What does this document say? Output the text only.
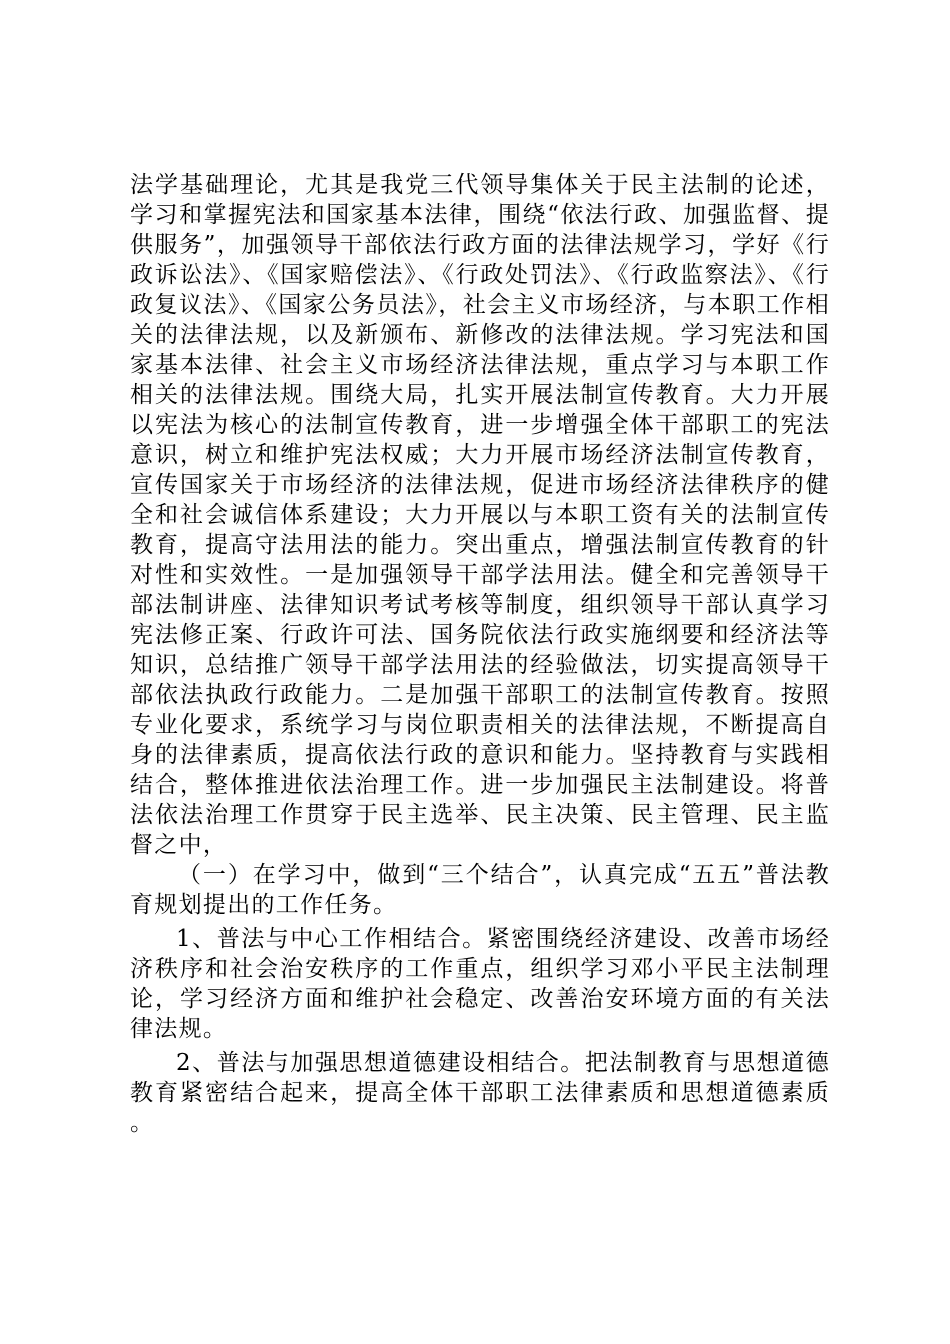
法学基础理论，尤其是我党三代领导集体关于民主法制的论述，学习和掌握宪法和国家基本法律，围绕“依法行政、加强监督、提供服务”，加强领导干部依法行政方面的法律法规学习，学好《行政诉讼法》、《国家赔偿法》、《行政处罚法》、《行政监察法》、《行政复议法》、《国家公务员法》，社会主义市场经济，与本职工作相关的法律法规，以及新颁布、新修改的法律法规。学习宪法和国家基本法律、社会主义市场经济法律法规，重点学习与本职工作相关的法律法规。围绕大局，扎实开展法制宣传教育。大力开展以宪法为核心的法制宣传教育，进一步增强全体干部职工的宪法意识，树立和维护宪法权威；大力开展市场经济法制宣传教育，宣传国家关于市场经济的法律法规，促进市场经济法律秩序的健全和社会诚信体系建设；大力开展以与本职工资有关的法制宣传教育，提高守法用法的能力。突出重点，增强法制宣传教育的针对性和实效性。一是加强领导干部学法用法。健全和完善领导干部法制讲座、法律知识考试考核等制度，组织领导干部认真学习宪法修正案、行政许可法、国务院依法行政实施纲要和经济法等知识，总结推广领导干部学法用法的经验做法，切实提高领导干部依法执政行政能力。二是加强干部职工的法制宣传教育。按照专业化要求，系统学习与岗位职责相关的法律法规，不断提高自身的法律素质，提高依法行政的意识和能力。坚持教育与实践相结合，整体推进依法治理工作。进一步加强民主法制建设。将普法依法治理工作贯穿于民主选举、民主决策、民主管理、民主监督之中，

（一）在学习中，做到“三个结合”，认真完成“五五”普法教育规划提出的工作任务。

1、普法与中心工作相结合。紧密围绕经济建设、改善市场经济秩序和社会治安秩序的工作重点，组织学习邓小平民主法制理论，学习经济方面和维护社会稳定、改善治安环境方面的有关法律法规。

2、普法与加强思想道德建设相结合。把法制教育与思想道德教育紧密结合起来，提高全体干部职工法律素质和思想道德素质。
